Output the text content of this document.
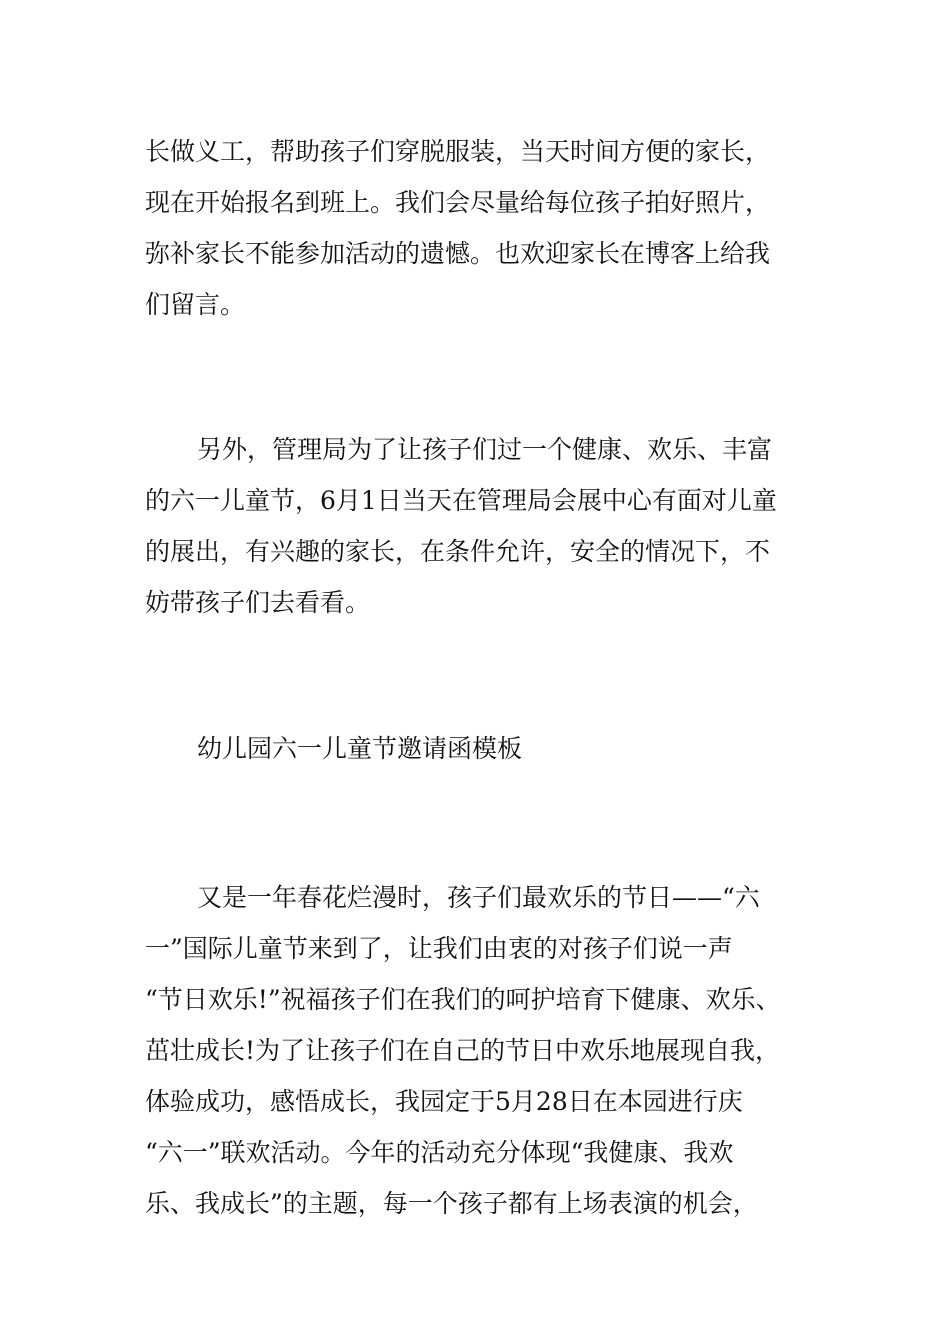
长做义工，帮助孩子们穿脱服装，当天时间方便的家长，
现在开始报名到班上。我们会尽量给每位孩子拍好照片，
弥补家长不能参加活动的遗憾。也欢迎家长在博客上给我
们留言。
另外，管理局为了让孩子们过一个健康、欢乐、丰富
的六一儿童节，6月1日当天在管理局会展中心有面对儿童
的展出，有兴趣的家长，在条件允许，安全的情况下，不
妨带孩子们去看看。
幼儿园六一儿童节邀请函模板
又是一年春花烂漫时，孩子们最欢乐的节日——“六
一”国际儿童节来到了，让我们由衷的对孩子们说一声
“节日欢乐!”祝福孩子们在我们的呵护培育下健康、欢乐、
茁壮成长!为了让孩子们在自己的节日中欢乐地展现自我，
体验成功，感悟成长，我园定于5月28日在本园进行庆
“六一”联欢活动。今年的活动充分体现“我健康、我欢
乐、我成长”的主题，每一个孩子都有上场表演的机会，
